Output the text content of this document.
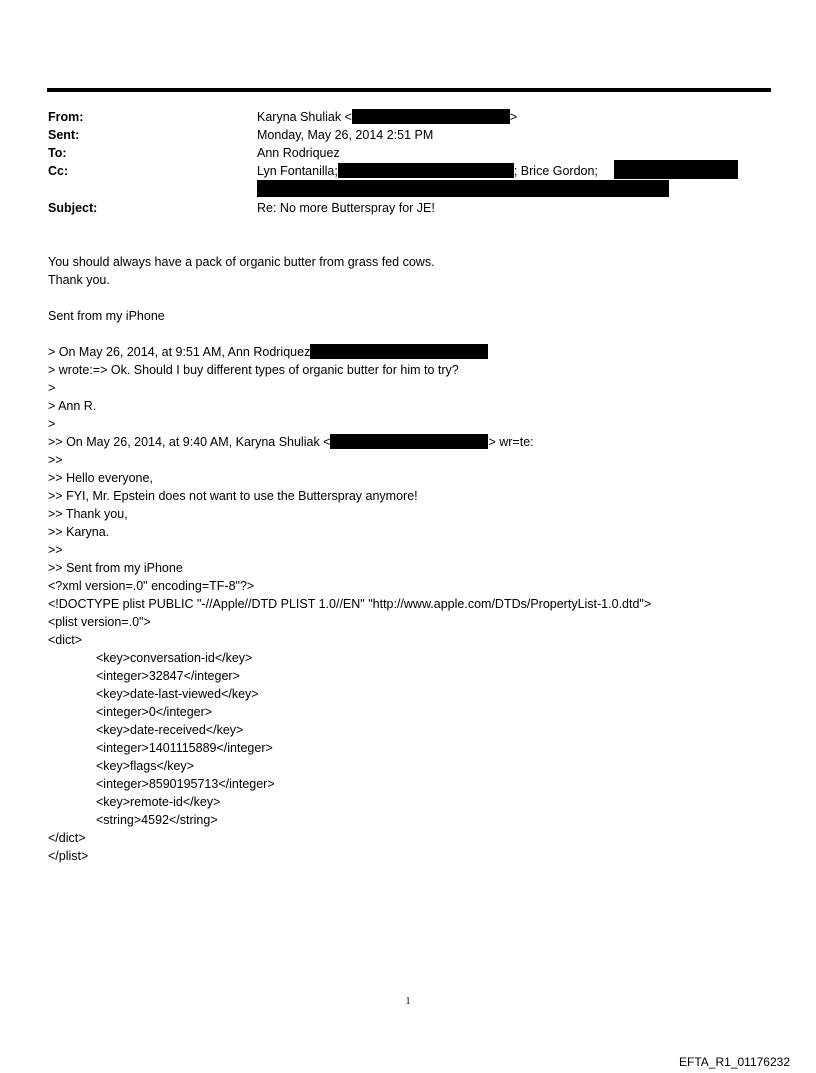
From:	Karyna Shuliak <	>
Sent:	Monday, May 26, 2014 2:51 PM
To:	Ann Rodriquez
Cc:	Lyn Fontanilla;	; Brice Gordon;
Subject:	Re: No more Butterspray for JE!
You should always have a pack of organic butter from grass fed cows.
Thank you.
Sent from my iPhone
> On May 26, 2014, at 9:51 AM, Ann Rodriquez
> wrote:=> Ok. Should I buy different types of organic butter for him to try?
>
> Ann R.
>
>> On May 26, 2014, at 9:40 AM, Karyna Shuliak <	> wr=te:
>>
>> Hello everyone,
>> FYI, Mr. Epstein does not want to use the Butterspray anymore!
>> Thank you,
>> Karyna.
>>
>> Sent from my iPhone
<?xml version=.0" encoding=TF-8"?>
<!DOCTYPE plist PUBLIC "-//Apple//DTD PLIST 1.0//EN" "http://www.apple.com/DTDs/PropertyList-1.0.dtd">
<plist version=.0">
<dict>
<key>conversation-id</key>
<integer>32847</integer>
<key>date-last-viewed</key>
<integer>0</integer>
<key>date-received</key>
<integer>1401115889</integer>
<key>flags</key>
<integer>8590195713</integer>
<key>remote-id</key>
<string>4592</string>
</dict>
</plist>
1
EFTA_R1_01176232
